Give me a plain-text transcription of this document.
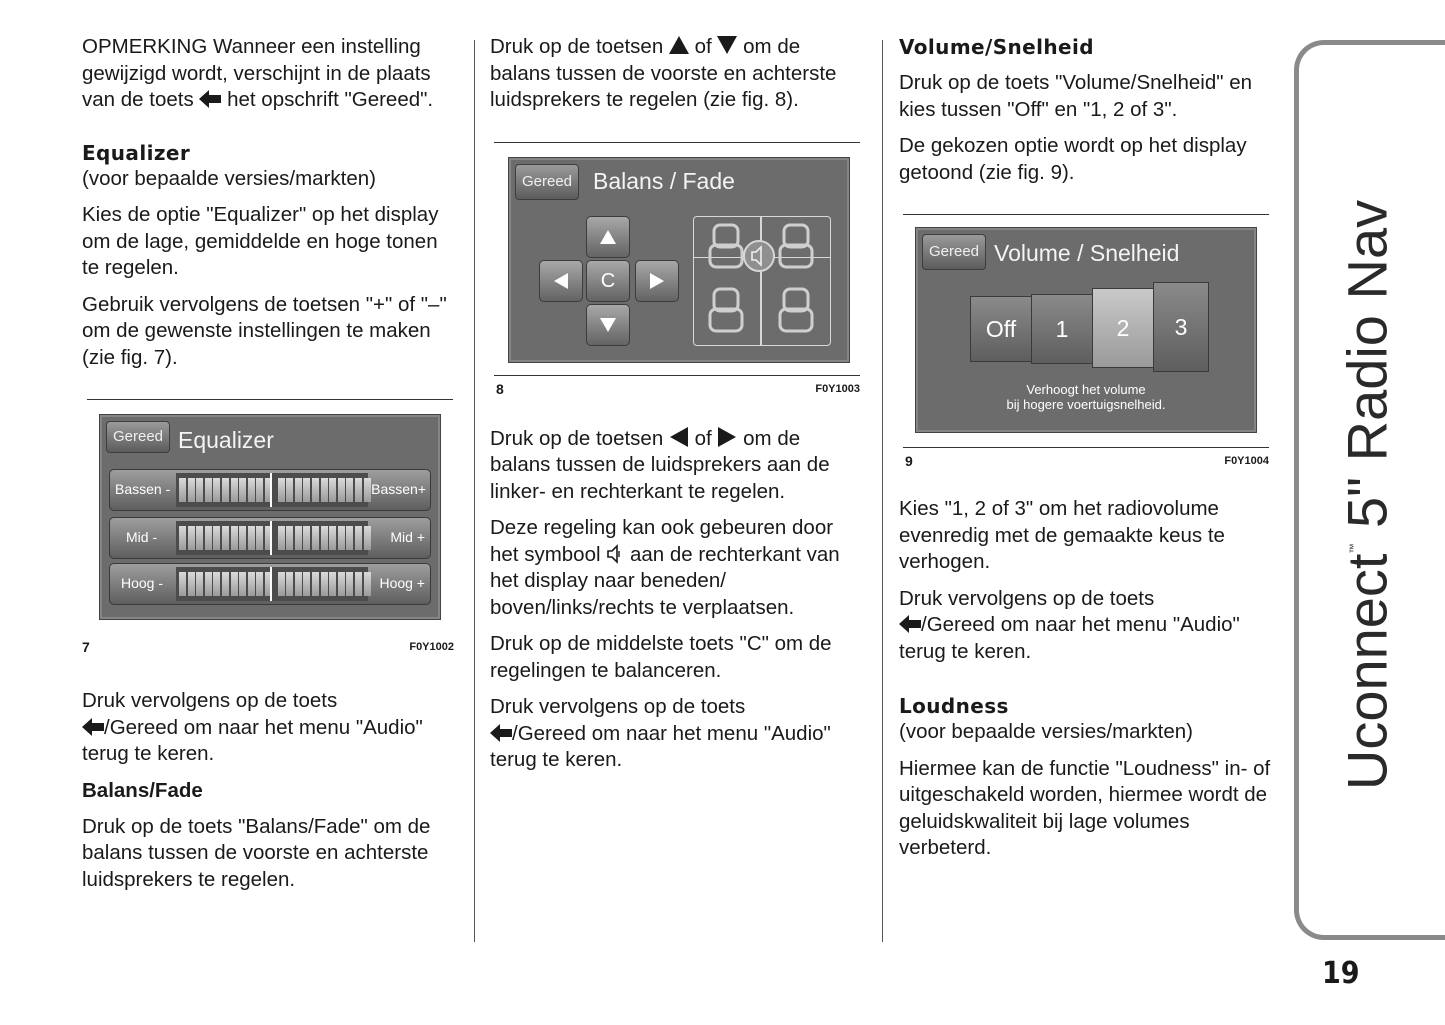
OPMERKING Wanneer een instelling gewijzigd wordt, verschijnt in de plaats van de toets het opschrift "Gereed".

Equalizer

(voor bepaalde versies/markten)

Kies de optie "Equalizer" op het display om de lage, gemiddelde en hoge tonen te regelen.

Gebruik vervolgens de toetsen "+" of "–" om de gewenste instellingen te maken (zie fig. 7).

Gereed Equalizer
Bassen -	Bassen+
Mid -	Mid +
Hoog -	Hoog +
7	F0Y1002

Druk vervolgens op de toets
/Gereed om naar het menu "Audio" terug te keren.

Balans/Fade

Druk op de toets "Balans/Fade" om de balans tussen de voorste en achterste luidsprekers te regelen.

Druk op de toetsen of om de balans tussen de voorste en achterste luidsprekers te regelen (zie fig. 8).

Gereed Balans / Fade
C
8	F0Y1003

Druk op de toetsen of om de balans tussen de luidsprekers aan de linker- en rechterkant te regelen.

Deze regeling kan ook gebeuren door het symbool aan de rechterkant van het display naar beneden/ boven/links/rechts te verplaatsen.

Druk op de middelste toets "C" om de regelingen te balanceren.

Druk vervolgens op de toets
/Gereed om naar het menu "Audio" terug te keren.

Volume/Snelheid

Druk op de toets "Volume/Snelheid" en kies tussen "Off" en "1, 2 of 3".

De gekozen optie wordt op het display getoond (zie fig. 9).

Gereed Volume / Snelheid
Off	1	2	3
Verhoogt het volume
bij hogere voertuigsnelheid.
9	F0Y1004

Kies "1, 2 of 3" om het radiovolume evenredig met de gemaakte keus te verhogen.

Druk vervolgens op de toets
/Gereed om naar het menu "Audio" terug te keren.

Loudness

(voor bepaalde versies/markten)

Hiermee kan de functie "Loudness" in- of uitgeschakeld worden, hiermee wordt de geluidskwaliteit bij lage volumes verbeterd.

Uconnect™ 5" Radio Nav
19
